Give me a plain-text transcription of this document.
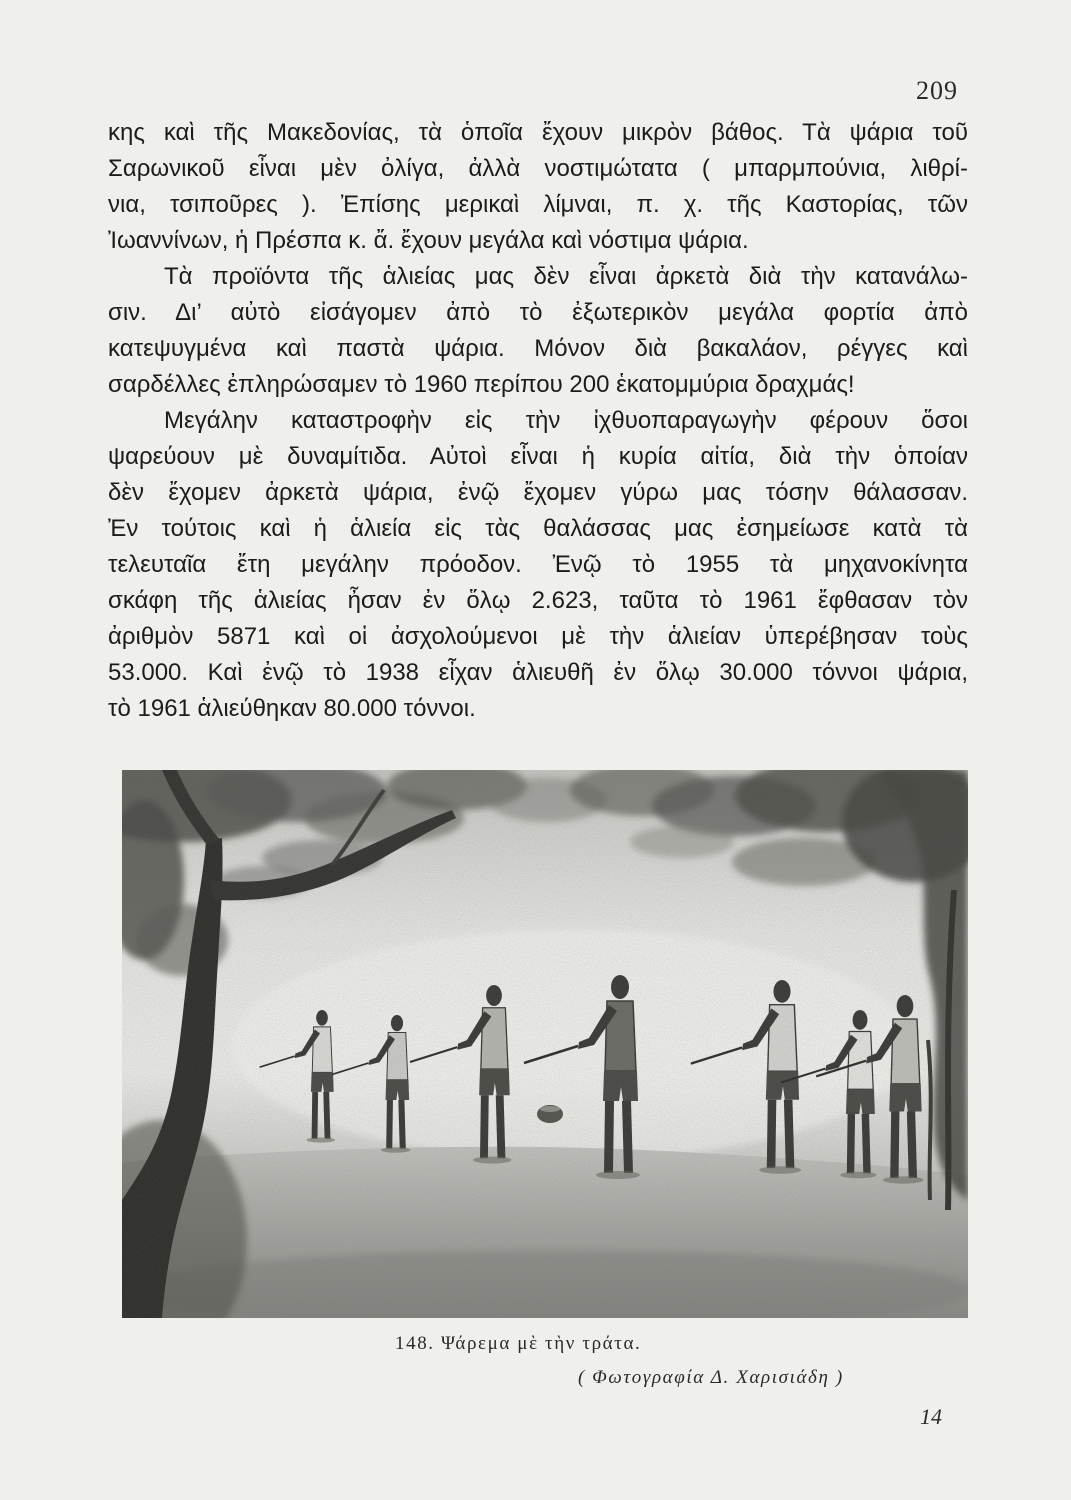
209
κης καὶ τῆς Μακεδονίας, τὰ ὁποῖα ἔχουν μικρὸν βάθος. Τὰ ψάρια τοῦ
Σαρωνικοῦ εἶναι μὲν ὀλίγα, ἀλλὰ νοστιμώτατα ( μπαρμπούνια, λιθρί-
νια, τσιποῦρες ). Ἐπίσης μερικαὶ λίμναι, π. χ. τῆς Καστορίας, τῶν
Ἰωαννίνων, ἡ Πρέσπα κ. ἄ. ἔχουν μεγάλα καὶ νόστιμα ψάρια.
Τὰ προϊόντα τῆς ἁλιείας μας δὲν εἶναι ἀρκετὰ διὰ τὴν κατανάλω-
σιν. Δι’ αὐτὸ εἰσάγομεν ἀπὸ τὸ ἐξωτερικὸν μεγάλα φορτία ἀπὸ
κατεψυγμένα καὶ παστὰ ψάρια. Μόνον διὰ βακαλάον, ρέγγες καὶ
σαρδέλλες ἐπληρώσαμεν τὸ 1960 περίπου 200 ἑκατομμύρια δραχμάς!
Μεγάλην καταστροφὴν εἰς τὴν ἰχθυοπαραγωγὴν φέρουν ὅσοι
ψαρεύουν μὲ δυναμίτιδα. Αὐτοὶ εἶναι ἡ κυρία αἰτία, διὰ τὴν ὁποίαν
δὲν ἔχομεν ἀρκετὰ ψάρια, ἐνῷ ἔχομεν γύρω μας τόσην θάλασσαν.
Ἐν τούτοις καὶ ἡ ἁλιεία εἰς τὰς θαλάσσας μας ἐσημείωσε κατὰ τὰ
τελευταῖα ἔτη μεγάλην πρόοδον. Ἐνῷ τὸ 1955 τὰ μηχανοκίνητα
σκάφη τῆς ἁλιείας ἦσαν ἐν ὅλῳ 2.623, ταῦτα τὸ 1961 ἔφθασαν τὸν
ἀριθμὸν 5871 καὶ οἱ ἀσχολούμενοι μὲ τὴν ἁλιείαν ὑπερέβησαν τοὺς
53.000. Καὶ ἐνῷ τὸ 1938 εἶχαν ἁλιευθῆ ἐν ὅλῳ 30.000 τόννοι ψάρια,
τὸ 1961 ἁλιεύθηκαν 80.000 τόννοι.
148. Ψάρεμα μὲ τὴν τράτα.
( Φωτογραφία Δ. Χαρισιάδη )
14
